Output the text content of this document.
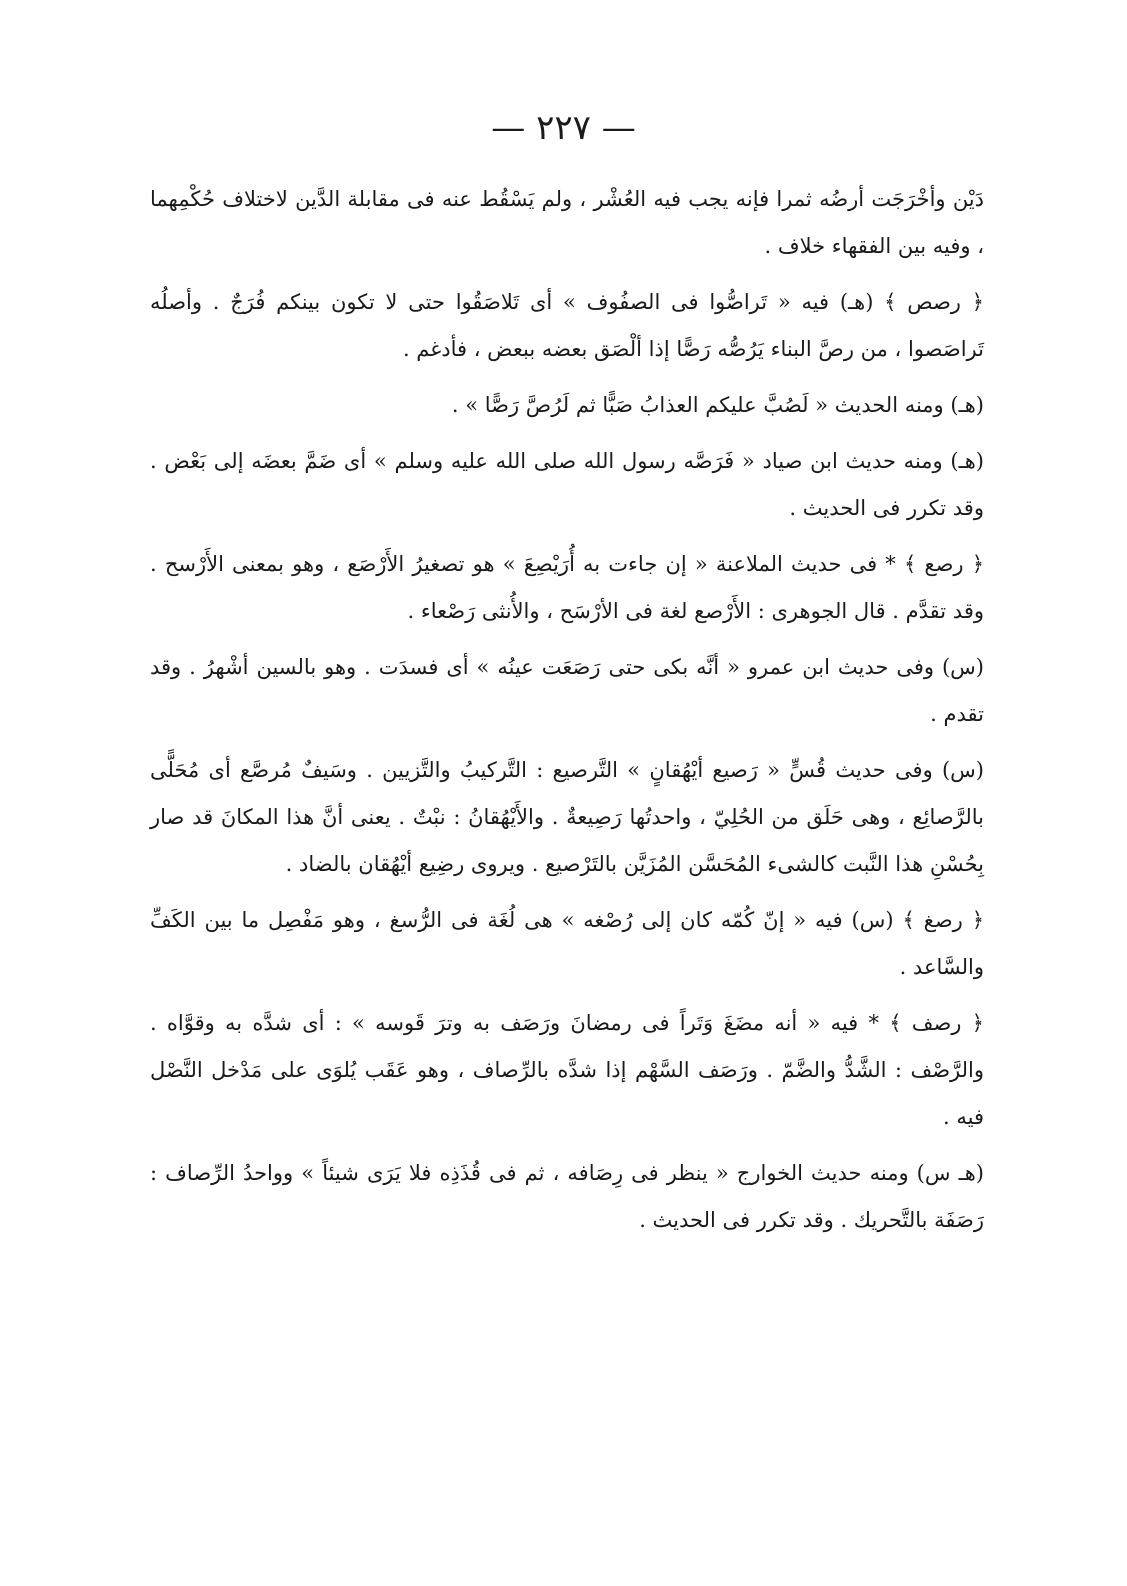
— ٢٢٧ —

دَيْن وأخْرَجَت أرضُه ثمرا فإنه يجب فيه العُشْر ، ولم يَسْقُط عنه فى مقابلة الدَّين لاختلاف حُكْمِهما ، وفيه بين الفقهاء خلاف .

﴿ رصص ﴾ (هـ) فيه « تَراصُّوا فى الصفُوف » أى تَلاصَقُوا حتى لا تكون بينكم فُرَجٌ . وأصلُه تَراصَصوا ، من رصَّ البناء يَرُصُّه رَصًّا إذا ألْصَق بعضه ببعض ، فأدغم .

(هـ) ومنه الحديث « لَصُبَّ عليكم العذابُ صَبًّا ثم لَرُصَّ رَصًّا » .

(هـ) ومنه حديث ابن صياد « فَرَصَّه رسول الله صلى الله عليه وسلم » أى ضَمَّ بعضَه إلى بَعْض . وقد تكرر فى الحديث .

﴿ رصع ﴾ * فى حديث الملاعنة « إن جاءت به أُرَيْصِعَ » هو تصغيرُ الأَرْصَع ، وهو بمعنى الأَرْسح . وقد تقدَّم . قال الجوهرى : الأَرْصع لغة فى الأرْسَح ، والأُنثى رَصْعاء .

(س) وفى حديث ابن عمرو « أنَّه بكى حتى رَصَعَت عينُه » أى فسدَت . وهو بالسين أشْهرُ . وقد تقدم .

(س) وفى حديث قُسٍّ « رَصيع أيْهُقانٍ » التَّرصيع : التَّركيبُ والتَّزيين . وسَيفٌ مُرصَّع أى مُحَلًّى بالرَّصائِع ، وهى حَلَق من الحُلِيّ ، واحدتُها رَصِيعةٌ . والأَيْهُقانُ : نبْتٌ . يعنى أنَّ هذا المكانَ قد صار بِحُسْنِ هذا النَّبت كالشىء المُحَسَّن المُزَيَّن بالتَرْصيع . ويروى رضِيع أيْهُقان بالضاد .

﴿ رصغ ﴾ (س) فيه « إنّ كُمّه كان إلى رُصْغه » هى لُغَة فى الرُّسغ ، وهو مَفْصِل ما بين الكَفِّ والسَّاعد .

﴿ رصف ﴾ * فيه « أنه مضَغَ وَتَراً فى رمضانَ ورَصَف به وترَ قَوسه » : أى شدَّه به وقوَّاه . والرَّصْف : الشَّدُّ والضَّمّ . ورَصَف السَّهْم إذا شدَّه بالرِّصاف ، وهو عَقَب يُلوَى على مَدْخل النَّصْل فيه .

(هـ س) ومنه حديث الخوارج « ينظر فى رِصَافه ، ثم فى قُذَذِه فلا يَرَى شيئاً » وواحدُ الرِّصاف : رَصَفَة بالتَّحريك . وقد تكرر فى الحديث .
